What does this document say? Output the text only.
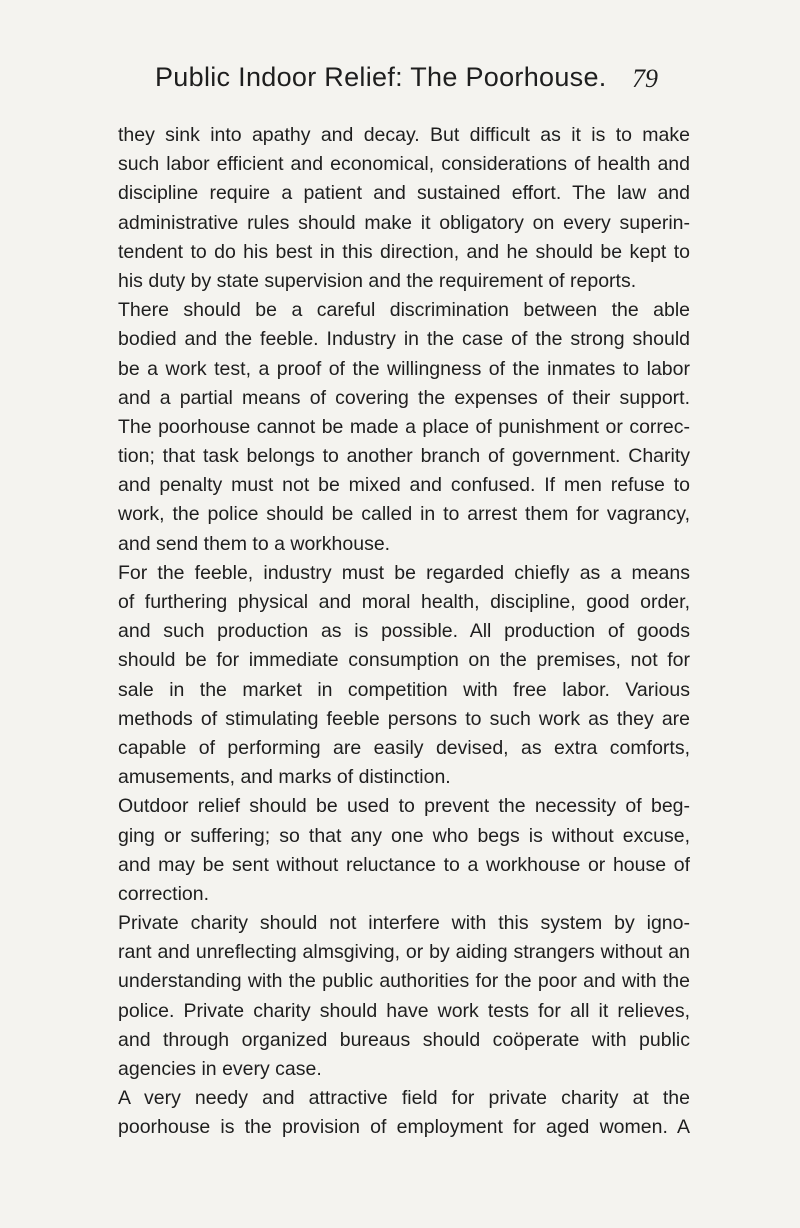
Public Indoor Relief: The Poorhouse. 79
they sink into apathy and decay. But difficult as it is to make
such labor efficient and economical, considerations of health and
discipline require a patient and sustained effort. The law and
administrative rules should make it obligatory on every superin-
tendent to do his best in this direction, and he should be kept to
his duty by state supervision and the requirement of reports.
There should be a careful discrimination between the able
bodied and the feeble. Industry in the case of the strong should
be a work test, a proof of the willingness of the inmates to labor
and a partial means of covering the expenses of their support.
The poorhouse cannot be made a place of punishment or correc-
tion; that task belongs to another branch of government. Charity
and penalty must not be mixed and confused. If men refuse to
work, the police should be called in to arrest them for vagrancy,
and send them to a workhouse.
For the feeble, industry must be regarded chiefly as a means
of furthering physical and moral health, discipline, good order,
and such production as is possible. All production of goods
should be for immediate consumption on the premises, not for
sale in the market in competition with free labor. Various
methods of stimulating feeble persons to such work as they are
capable of performing are easily devised, as extra comforts,
amusements, and marks of distinction.
Outdoor relief should be used to prevent the necessity of beg-
ging or suffering; so that any one who begs is without excuse,
and may be sent without reluctance to a workhouse or house of
correction.
Private charity should not interfere with this system by igno-
rant and unreflecting almsgiving, or by aiding strangers without an
understanding with the public authorities for the poor and with the
police. Private charity should have work tests for all it relieves,
and through organized bureaus should coöperate with public
agencies in every case.
A very needy and attractive field for private charity at the
poorhouse is the provision of employment for aged women. A
